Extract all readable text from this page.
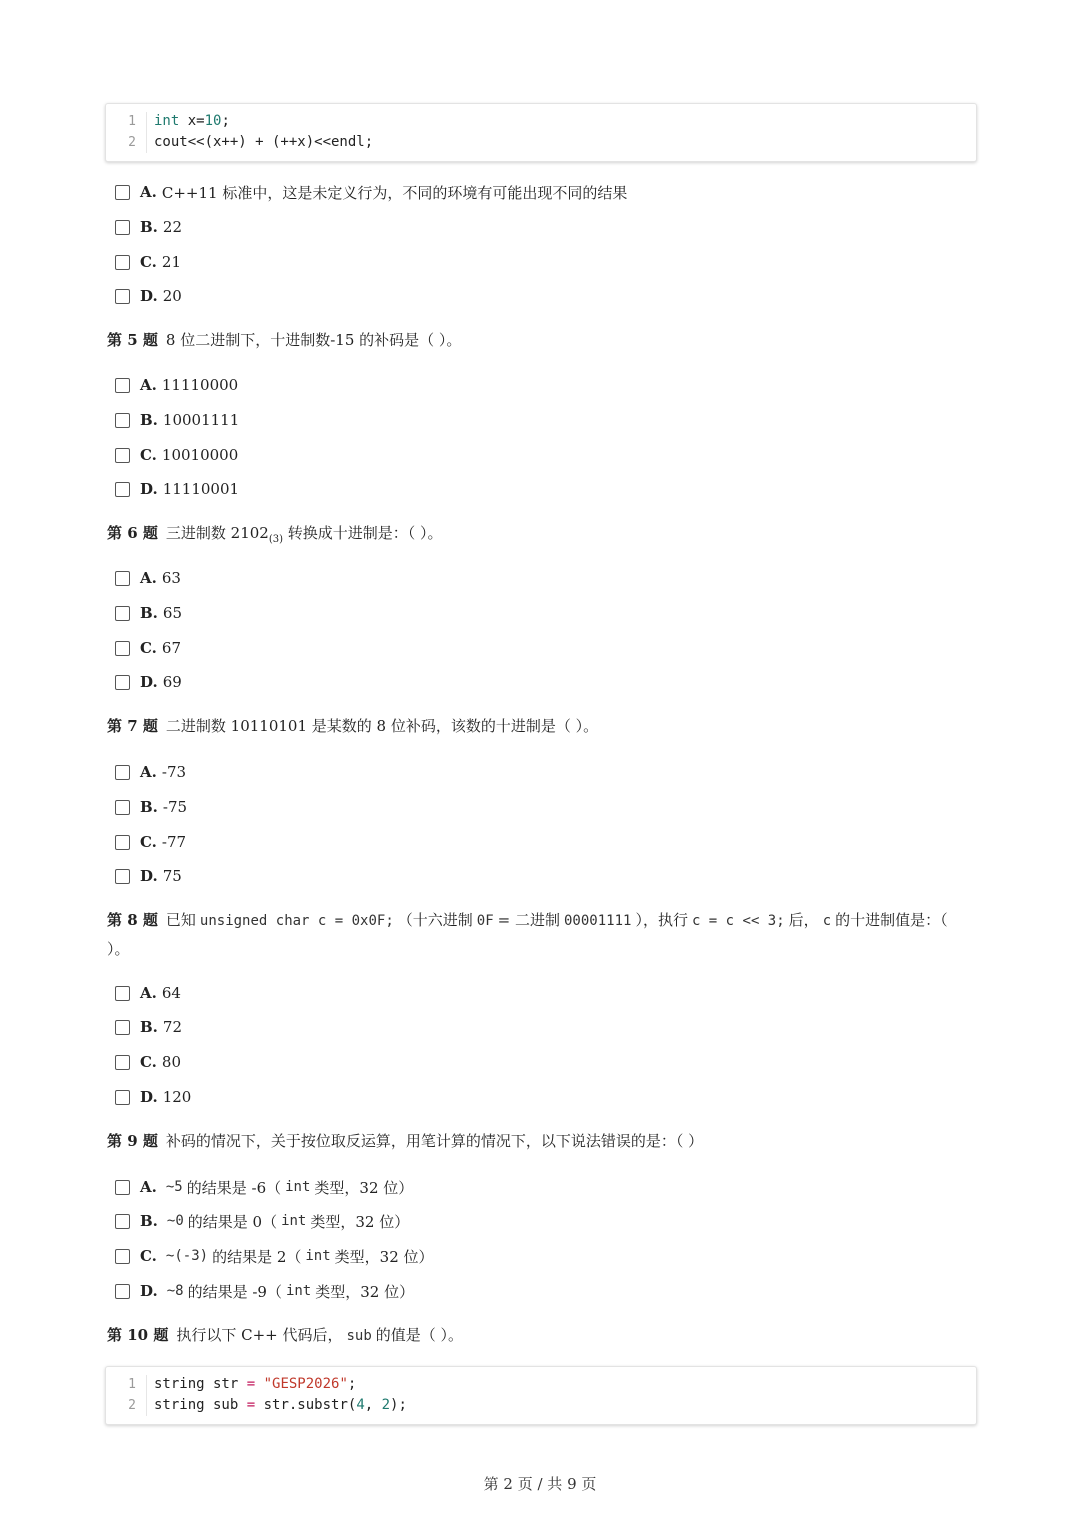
1 int x=10;
2 cout<<(x++) + (++x)<<endl;
A. C++11 标准中，这是未定义行为，不同的环境有可能出现不同的结果
B. 22
C. 21
D. 20
第 5 题 8 位二进制下，十进制数-15 的补码是（ ）。
A. 11110000
B. 10001111
C. 10010000
D. 11110001
第 6 题 三进制数 $2102_{(3)}$ 转换成十进制是：（ ）。
A. 63
B. 65
C. 67
D. 69
第 7 题 二进制数 10110101 是某数的 8 位补码，该数的十进制是（ ）。
A. -73
B. -75
C. -77
D. 75
第 8 题 已知 unsigned char c = 0x0F; （十六进制 0F = 二进制 00001111 ），执行 c = c << 3; 后， c 的十进制值是：（ ）。
A. 64
B. 72
C. 80
D. 120
第 9 题 补码的情况下，关于按位取反运算，用笔计算的情况下，以下说法错误的是：（ ）
A. ~5 的结果是 -6（ int 类型，32 位）
B. ~0 的结果是 0（ int 类型，32 位）
C. ~(-3) 的结果是 2（ int 类型，32 位）
D. ~8 的结果是 -9（ int 类型，32 位）
第 10 题 执行以下 C++ 代码后， sub 的值是（ ）。
1 string str = "GESP2026";
2 string sub = str.substr(4, 2);
第 2 页 / 共 9 页
